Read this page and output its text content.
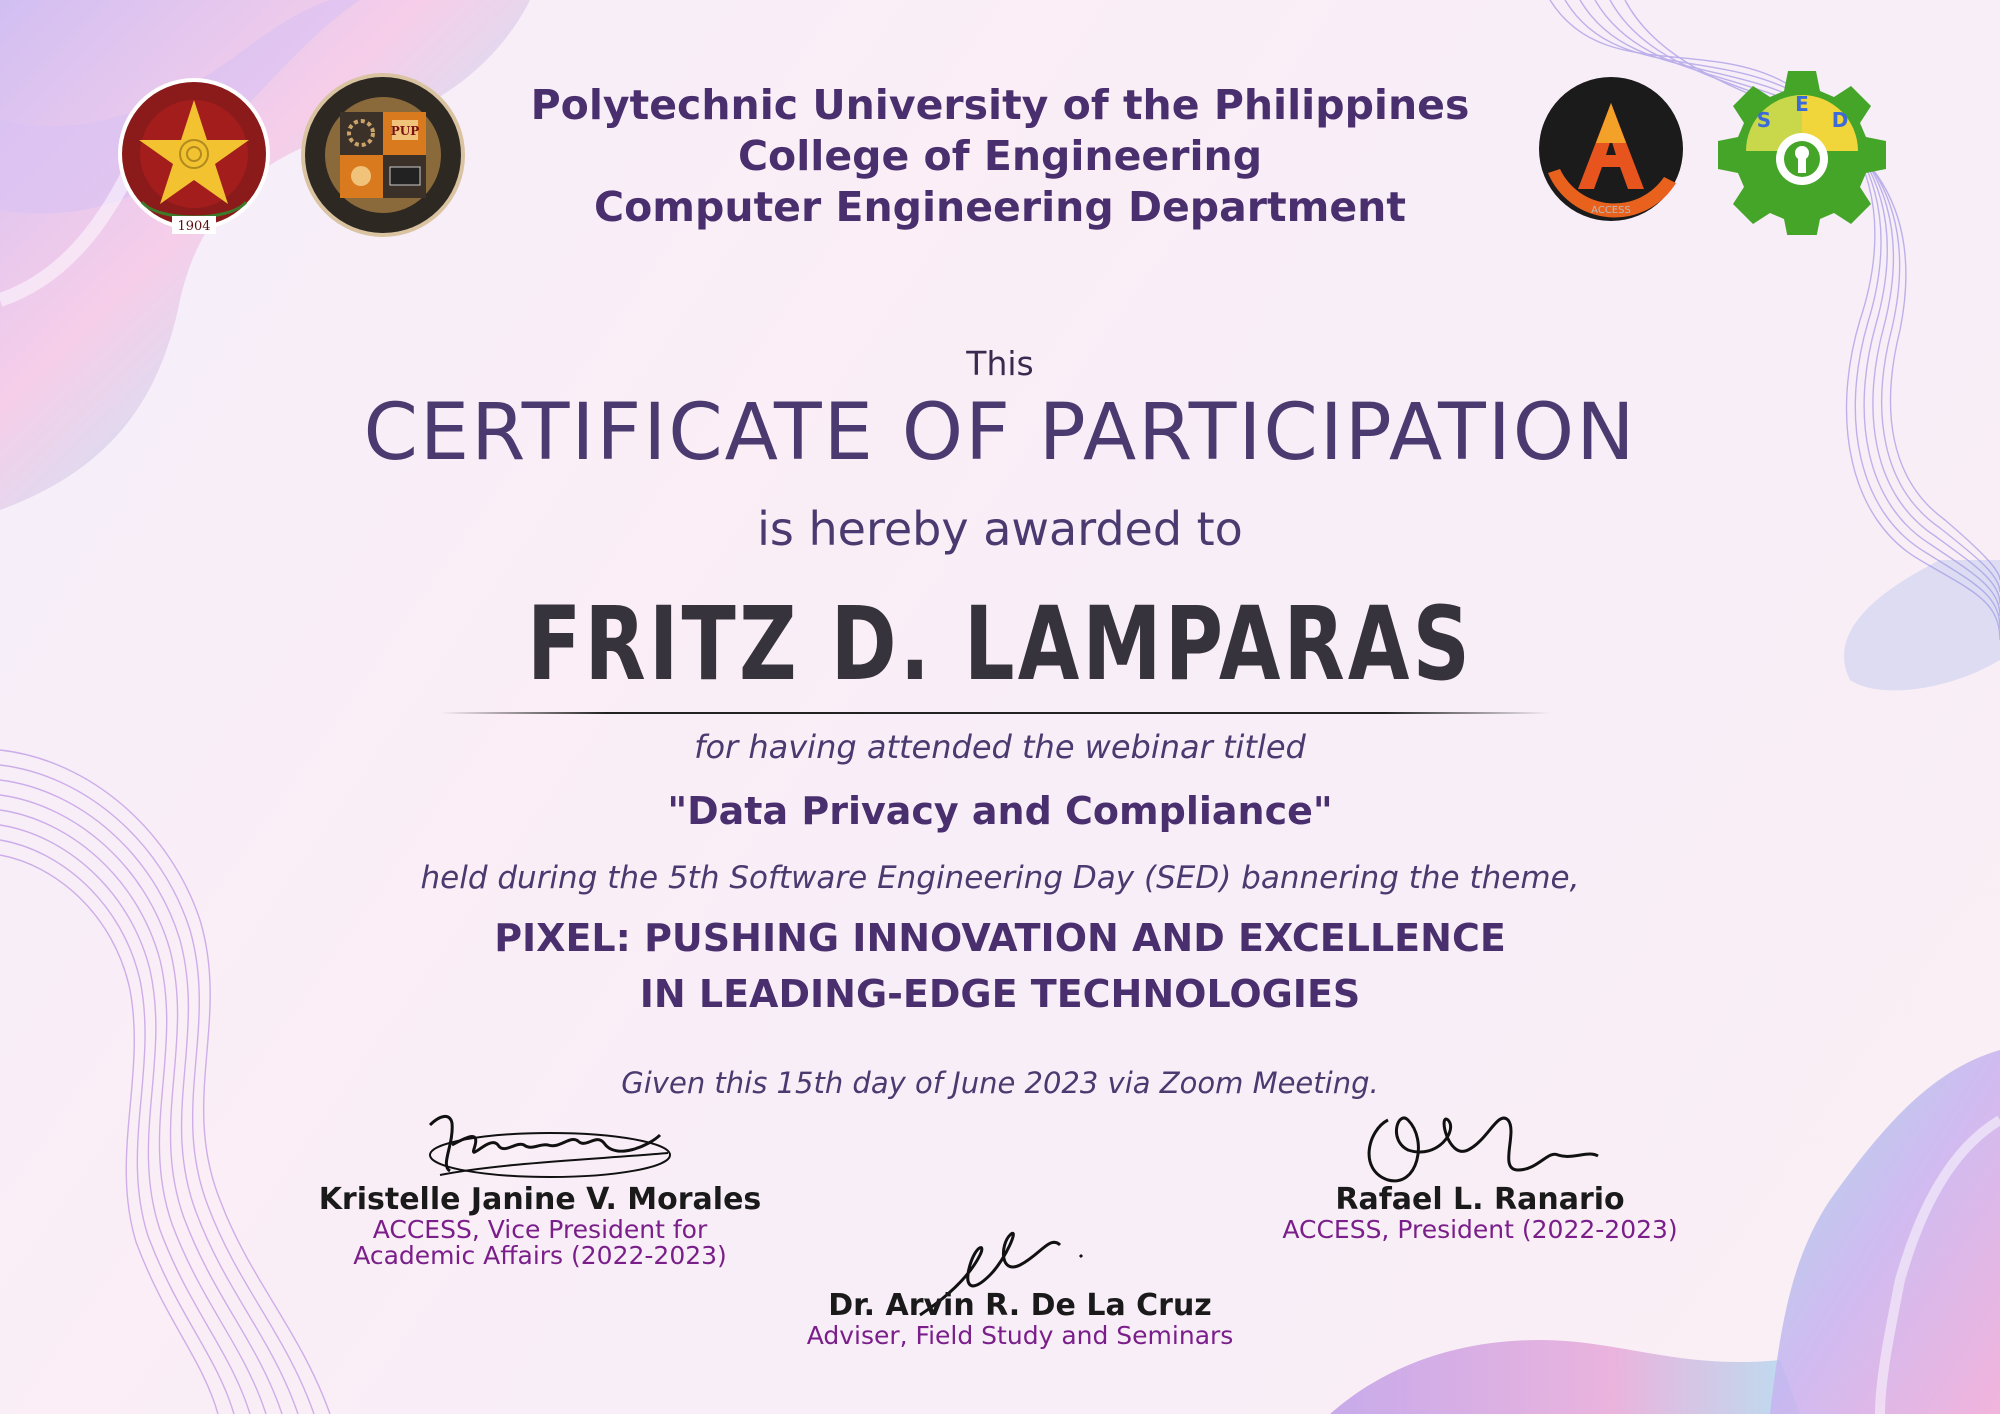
1904
PUP
ACCESS
S
E
D
Polytechnic University of the Philippines
College of Engineering
Computer Engineering Department
This
CERTIFICATE OF PARTICIPATION
is hereby awarded to
FRITZ D. LAMPARAS
for having attended the webinar titled
"Data Privacy and Compliance"
held during the 5th Software Engineering Day (SED) bannering the theme,
PIXEL: PUSHING INNOVATION AND EXCELLENCE
IN LEADING-EDGE TECHNOLOGIES
Given this 15th day of June 2023 via Zoom Meeting.
Kristelle Janine V. Morales
ACCESS, Vice President for
Academic Affairs (2022-2023)
Dr. Arvin R. De La Cruz
Adviser, Field Study and Seminars
Rafael L. Ranario
ACCESS, President (2022-2023)
